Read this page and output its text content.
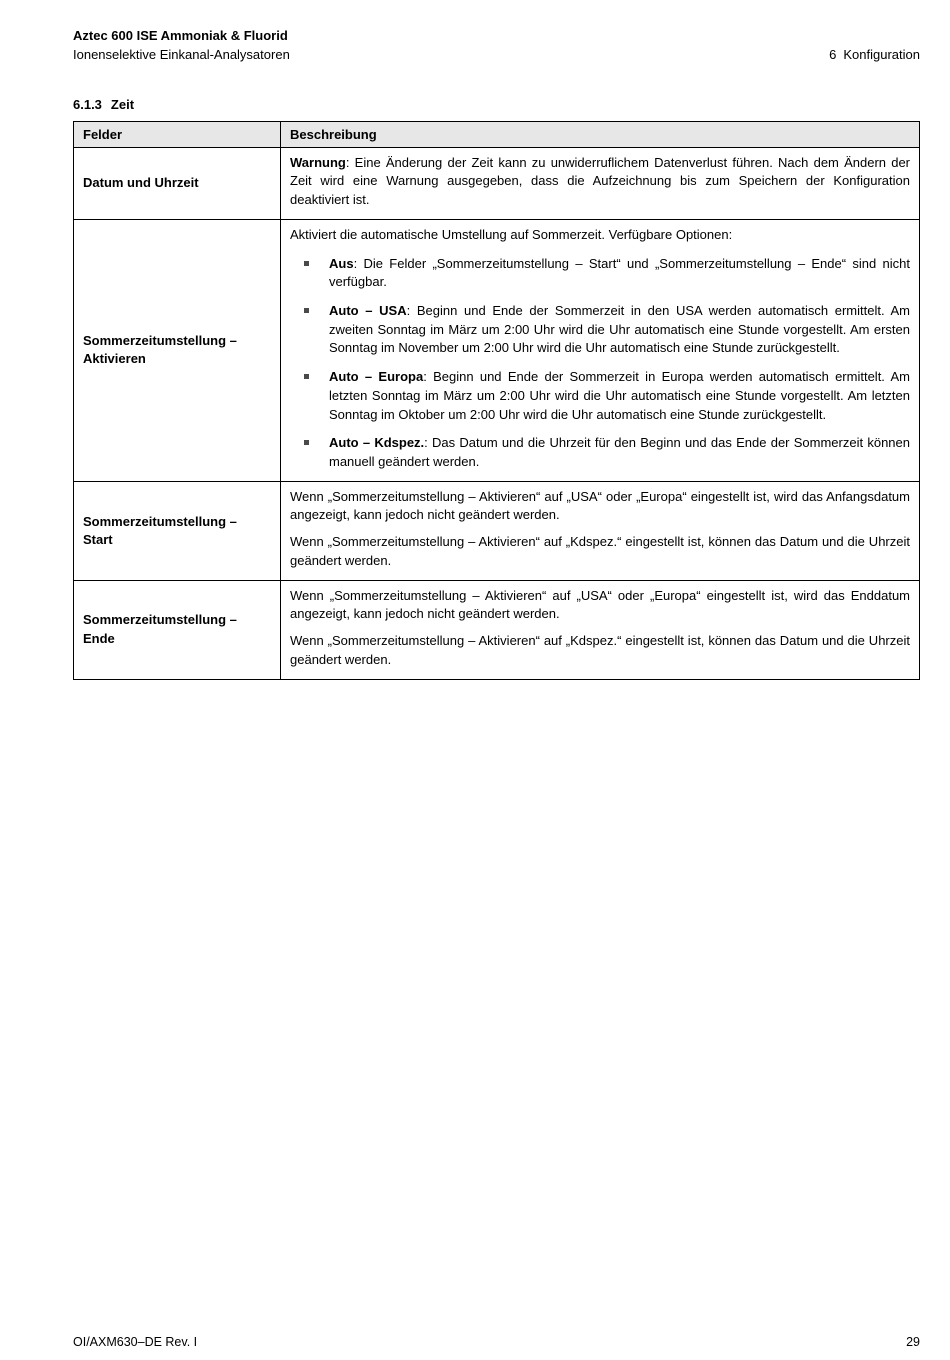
Aztec 600 ISE Ammoniak & Fluorid
Ionenselektive Einkanal-Analysatoren	6 Konfiguration
6.1.3 Zeit
Felder	Beschreibung
Datum und Uhrzeit	Warnung: Eine Änderung der Zeit kann zu unwiderruflichem Datenverlust führen. Nach dem Ändern der Zeit wird eine Warnung ausgegeben, dass die Aufzeichnung bis zum Speichern der Konfiguration deaktiviert ist.

Sommerzeitumstellung – Aktivieren	Aktiviert die automatische Umstellung auf Sommerzeit. Verfügbare Optionen:

Aus: Die Felder „Sommerzeitumstellung – Start“ und „Sommerzeitumstellung – Ende“ sind nicht verfügbar.
Auto – USA: Beginn und Ende der Sommerzeit in den USA werden automatisch ermittelt. Am zweiten Sonntag im März um 2:00 Uhr wird die Uhr automatisch eine Stunde vorgestellt. Am ersten Sonntag im November um 2:00 Uhr wird die Uhr automatisch eine Stunde zurückgestellt.
Auto – Europa: Beginn und Ende der Sommerzeit in Europa werden automatisch ermittelt. Am letzten Sonntag im März um 2:00 Uhr wird die Uhr automatisch eine Stunde vorgestellt. Am letzten Sonntag im Oktober um 2:00 Uhr wird die Uhr automatisch eine Stunde zurückgestellt.
Auto – Kdspez.: Das Datum und die Uhrzeit für den Beginn und das Ende der Sommerzeit können manuell geändert werden.

Sommerzeitumstellung – Start	Wenn „Sommerzeitumstellung – Aktivieren“ auf „USA“ oder „Europa“ eingestellt ist, wird das Anfangsdatum angezeigt, kann jedoch nicht geändert werden.

Wenn „Sommerzeitumstellung – Aktivieren“ auf „Kdspez.“ eingestellt ist, können das Datum und die Uhrzeit geändert werden.

Sommerzeitumstellung – Ende	Wenn „Sommerzeitumstellung – Aktivieren“ auf „USA“ oder „Europa“ eingestellt ist, wird das Enddatum angezeigt, kann jedoch nicht geändert werden.

Wenn „Sommerzeitumstellung – Aktivieren“ auf „Kdspez.“ eingestellt ist, können das Datum und die Uhrzeit geändert werden.

OI/AXM630–DE Rev. I	29
